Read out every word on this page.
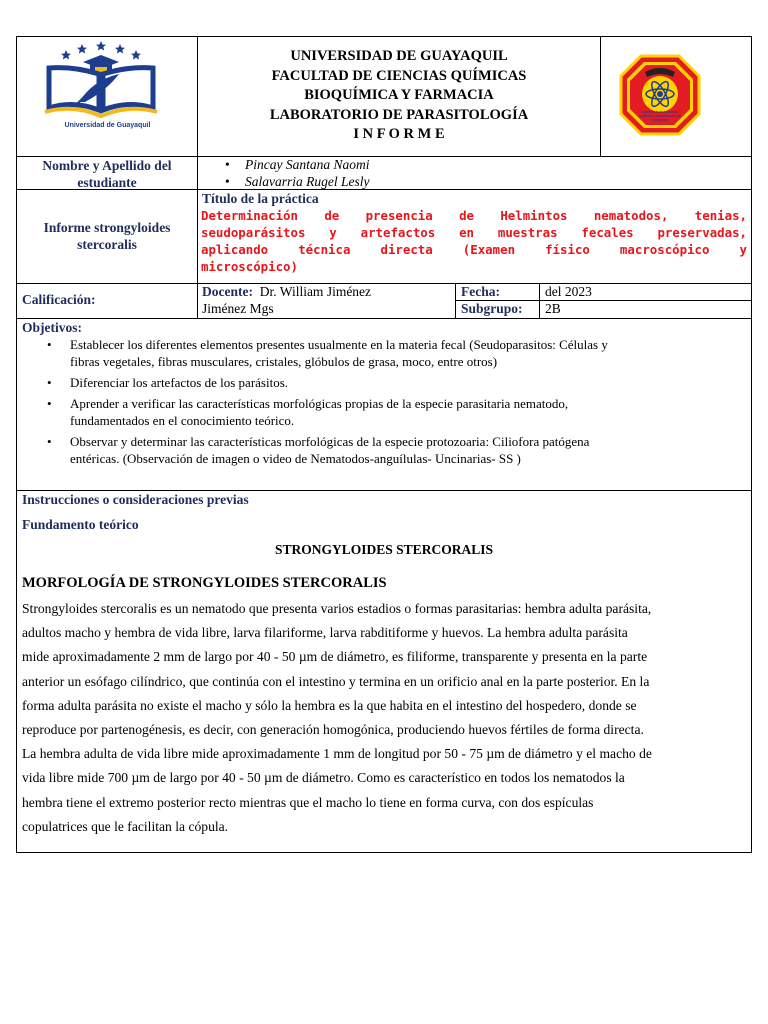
Universidad de Guayaquil
FACULTAD DE CIENCIAS QUÍMICAS UNIVERSIDAD DE GUAYAQUIL
UNIVERSIDAD DE GUAYAQUIL
FACULTAD DE CIENCIAS QUÍMICAS
BIOQUÍMICA Y FARMACIA
LABORATORIO DE PARASITOLOGÍA
I N F O R M E
Nombre y Apellido del
estudiante
• Pincay Santana Naomi
• Salavarria Rugel Lesly
Informe strongyloides
stercoralis
Título de la práctica
Determinación de presencia de Helmintos nematodos, tenias,
seudoparásitos y artefactos en muestras fecales preservadas,
aplicando técnica directa (Examen físico macroscópico y
microscópico)
Calificación:
Docente: Dr. William Jiménez
Jiménez Mgs
Fecha:	del 2023
Subgrupo: 2B
Objetivos:
• Establecer los diferentes elementos presentes usualmente en la materia fecal (Seudoparasitos: Células y
fibras vegetales, fibras musculares, cristales, glóbulos de grasa, moco, entre otros)
• Diferenciar los artefactos de los parásitos.
• Aprender a verificar las características morfológicas propias de la especie parasitaria nematodo,
fundamentados en el conocimiento teórico.
• Observar y determinar las características morfológicas de la especie protozoaria: Ciliofora patógena
entéricas. (Observación de imagen o video de Nematodos-anguílulas- Uncinarias- SS )
Instrucciones o consideraciones previas
Fundamento teórico
STRONGYLOIDES STERCORALIS
MORFOLOGÍA DE STRONGYLOIDES STERCORALIS
Strongyloides stercoralis es un nematodo que presenta varios estadios o formas parasitarias: hembra adulta parásita,
adultos macho y hembra de vida libre, larva filariforme, larva rabditiforme y huevos. La hembra adulta parásita
mide aproximadamente 2 mm de largo por 40 - 50 µm de diámetro, es filiforme, transparente y presenta en la parte
anterior un esófago cilíndrico, que continúa con el intestino y termina en un orificio anal en la parte posterior. En la
forma adulta parásita no existe el macho y sólo la hembra es la que habita en el intestino del hospedero, donde se
reproduce por partenogénesis, es decir, con generación homogónica, produciendo huevos fértiles de forma directa.
La hembra adulta de vida libre mide aproximadamente 1 mm de longitud por 50 - 75 µm de diámetro y el macho de
vida libre mide 700 µm de largo por 40 - 50 µm de diámetro. Como es característico en todos los nematodos la
hembra tiene el extremo posterior recto mientras que el macho lo tiene en forma curva, con dos espículas
copulatrices que le facilitan la cópula.
